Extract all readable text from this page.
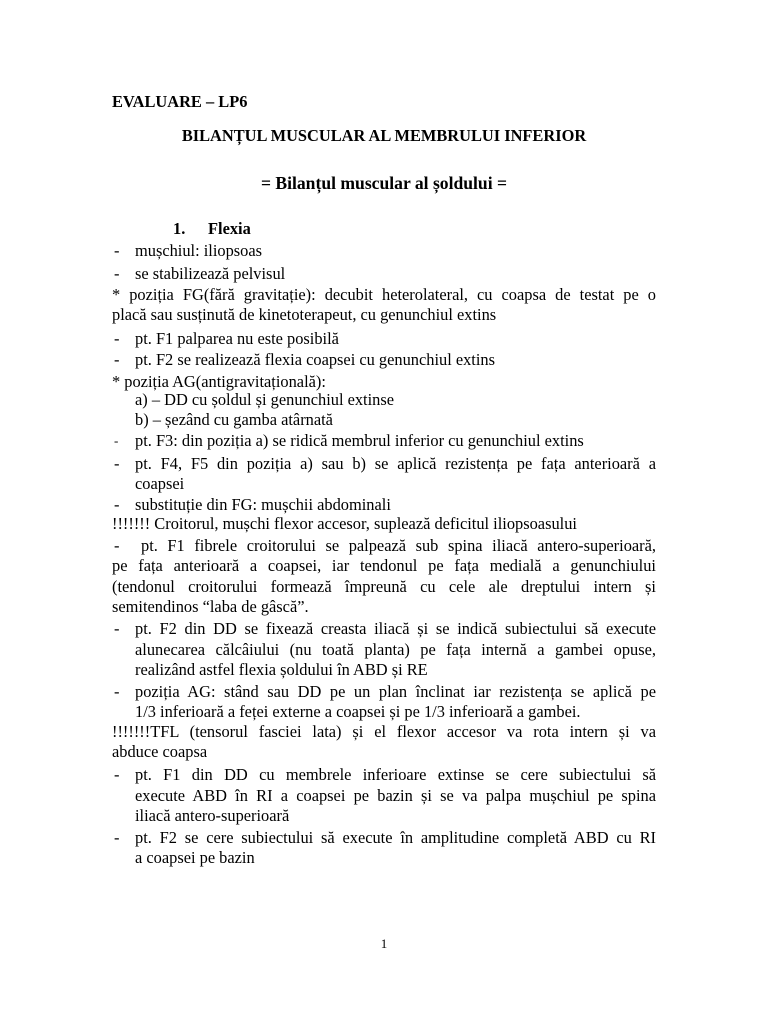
EVALUARE – LP6
BILANȚUL MUSCULAR AL MEMBRULUI INFERIOR
= Bilanțul muscular al șoldului =
1. Flexia
- mușchiul: iliopsoas
- se stabilizează pelvisul
* poziția FG(fără gravitație): decubit heterolateral, cu coapsa de testat pe o
placă sau susținută de kinetoterapeut, cu genunchiul extins
- pt. F1 palparea nu este posibilă
- pt. F2 se realizează flexia coapsei cu genunchiul extins
* poziția AG(antigravitațională):
a) – DD cu șoldul și genunchiul extinse
b) – șezând cu gamba atârnată
- pt. F3: din poziția a) se ridică membrul inferior cu genunchiul extins
- pt. F4, F5 din poziția a) sau b) se aplică rezistența pe fața anterioară a
coapsei
- substituție din FG: mușchii abdominali
!!!!!!! Croitorul, mușchi flexor accesor, suplează deficitul iliopsoasului
- pt. F1 fibrele croitorului se palpează sub spina iliacă antero-superioară,
pe fața anterioară a coapsei, iar tendonul pe fața medială a genunchiului
(tendonul croitorului formează împreună cu cele ale dreptului intern și
semitendinos “laba de gâscă”.
- pt. F2 din DD se fixează creasta iliacă și se indică subiectului să execute
alunecarea călcâiului (nu toată planta) pe fața internă a gambei opuse,
realizând astfel flexia șoldului în ABD și RE
- poziția AG: stând sau DD pe un plan înclinat iar rezistența se aplică pe
1/3 inferioară a feței externe a coapsei și pe 1/3 inferioară a gambei.
!!!!!!!TFL (tensorul fasciei lata) și el flexor accesor va rota intern și va
abduce coapsa
- pt. F1 din DD cu membrele inferioare extinse se cere subiectului să
execute ABD în RI a coapsei pe bazin și se va palpa mușchiul pe spina
iliacă antero-superioară
- pt. F2 se cere subiectului să execute în amplitudine completă ABD cu RI
a coapsei pe bazin
1
